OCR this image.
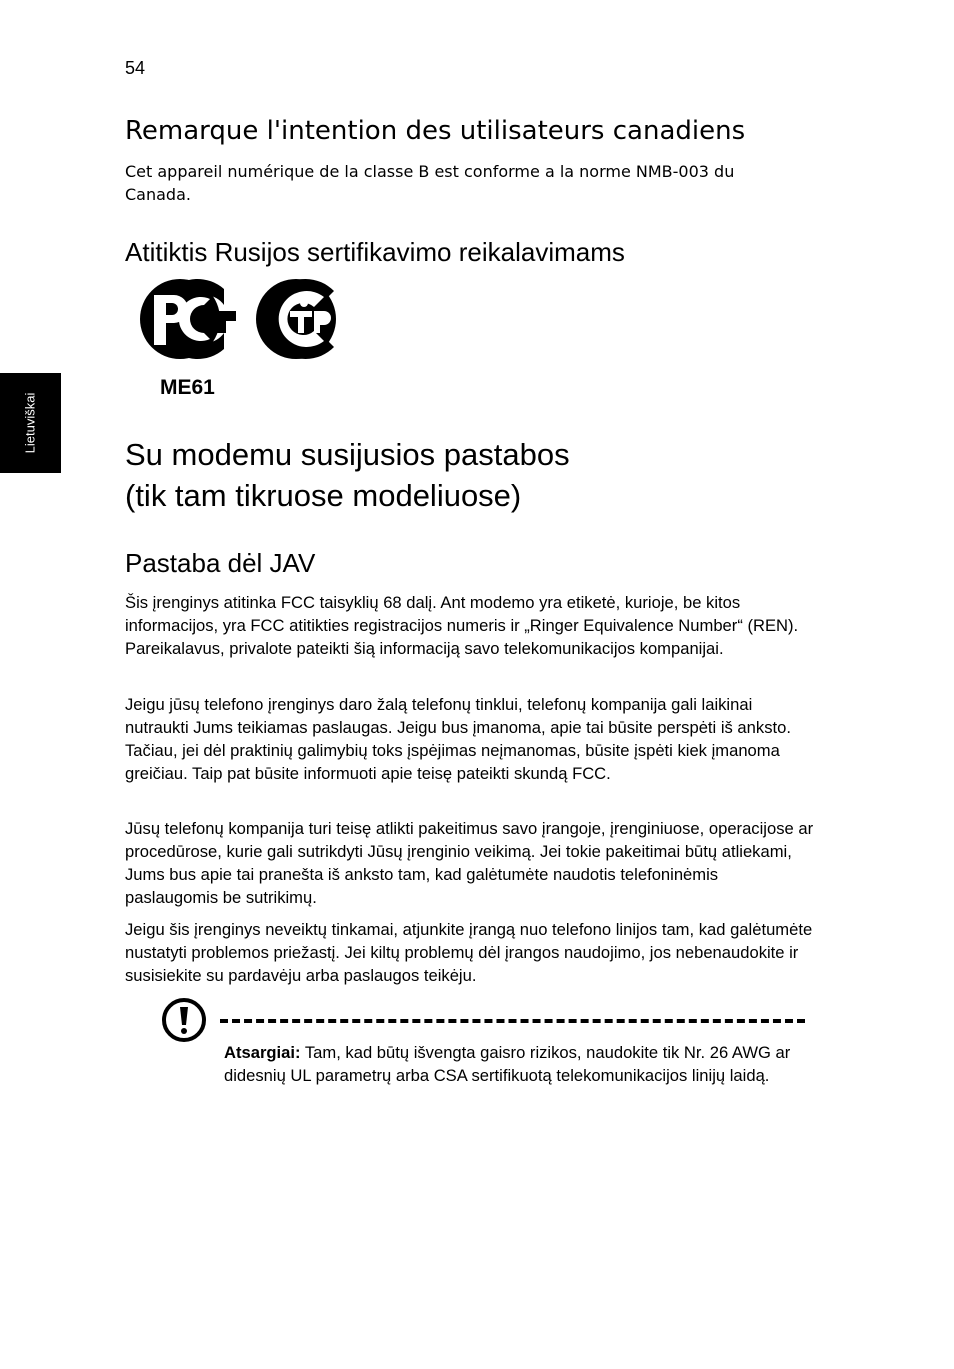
54
Lietuviškai
Remarque l'intention des utilisateurs canadiens
Cet appareil numérique de la classe B est conforme a la norme NMB-003 du
Canada.
Atitiktis Rusijos sertifikavimo reikalavimams
ME61
Su modemu susijusios pastabos
(tik tam tikruose modeliuose)
Pastaba dėl JAV
Šis įrenginys atitinka FCC taisyklių 68 dalį. Ant modemo yra etiketė, kurioje, be kitos informacijos, yra FCC atitikties registracijos numeris ir „Ringer Equivalence Number“ (REN). Pareikalavus, privalote pateikti šią informaciją savo telekomunikacijos kompanijai.
Jeigu jūsų telefono įrenginys daro žalą telefonų tinklui, telefonų kompanija gali laikinai nutraukti Jums teikiamas paslaugas. Jeigu bus įmanoma, apie tai būsite perspėti iš anksto. Tačiau, jei dėl praktinių galimybių toks įspėjimas neįmanomas, būsite įspėti kiek įmanoma greičiau. Taip pat būsite informuoti apie teisę pateikti skundą FCC.
Jūsų telefonų kompanija turi teisę atlikti pakeitimus savo įrangoje, įrenginiuose, operacijose ar procedūrose, kurie gali sutrikdyti Jūsų įrenginio veikimą. Jei tokie pakeitimai būtų atliekami, Jums bus apie tai pranešta iš anksto tam, kad galėtumėte naudotis telefoninėmis paslaugomis be sutrikimų.
Jeigu šis įrenginys neveiktų tinkamai, atjunkite įrangą nuo telefono linijos tam, kad galėtumėte nustatyti problemos priežastį. Jei kiltų problemų dėl įrangos naudojimo, jos nebenaudokite ir susisiekite su pardavėju arba paslaugos teikėju.
Atsargiai: Tam, kad būtų išvengta gaisro rizikos, naudokite tik Nr. 26 AWG ar didesnių UL parametrų arba CSA sertifikuotą telekomunikacijos linijų laidą.
